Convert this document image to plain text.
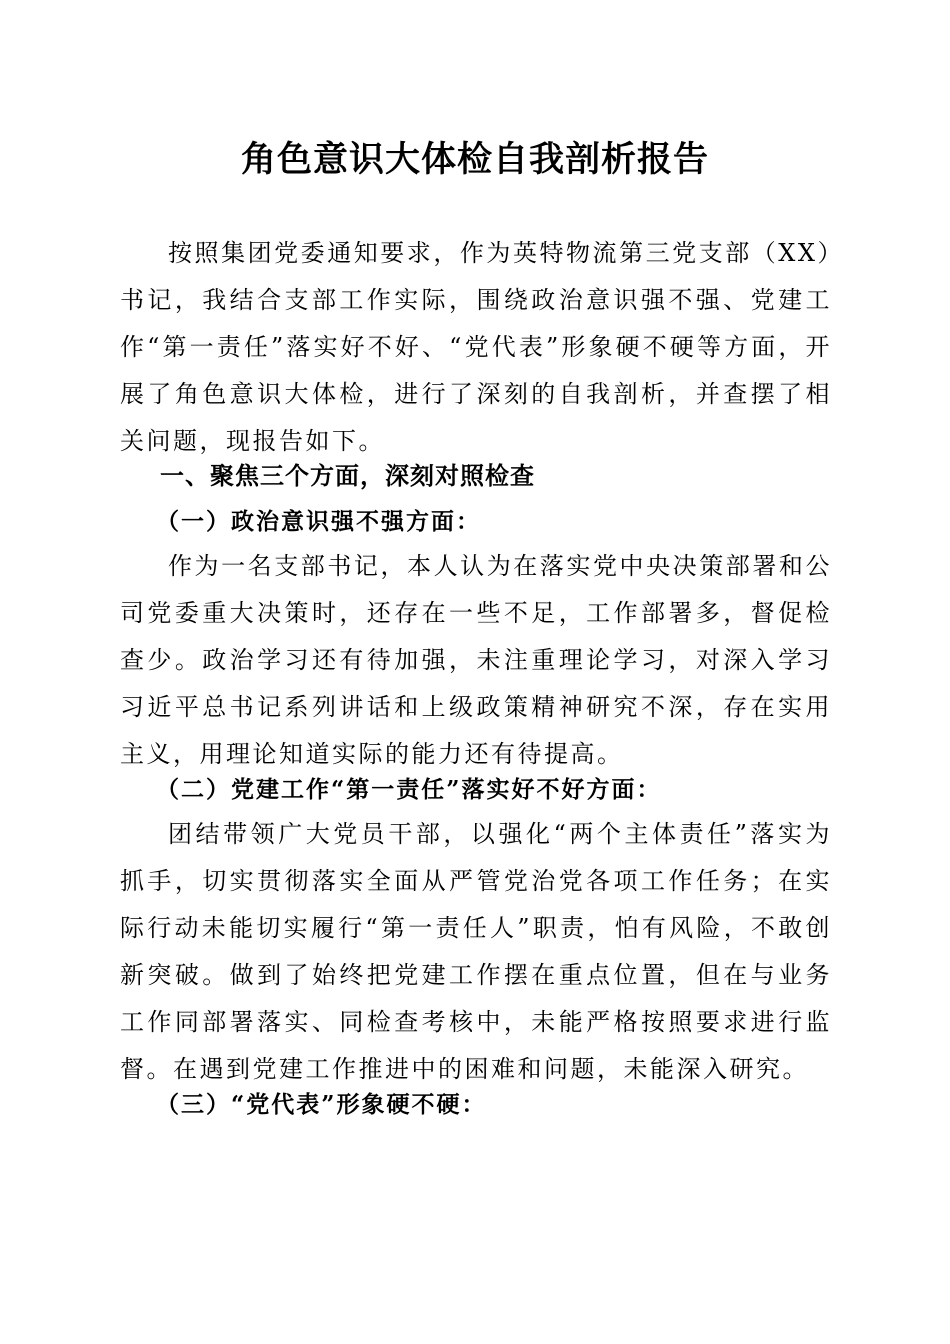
角色意识大体检自我剖析报告

按照集团党委通知要求，作为英特物流第三党支部（XX）书记，我结合支部工作实际，围绕政治意识强不强、党建工作“第一责任”落实好不好、“党代表”形象硬不硬等方面，开展了角色意识大体检，进行了深刻的自我剖析，并查摆了相关问题，现报告如下。

一、聚焦三个方面，深刻对照检查
（一）政治意识强不强方面：

作为一名支部书记，本人认为在落实党中央决策部署和公司党委重大决策时，还存在一些不足，工作部署多，督促检查少。政治学习还有待加强，未注重理论学习，对深入学习习近平总书记系列讲话和上级政策精神研究不深，存在实用主义，用理论知道实际的能力还有待提高。

（二）党建工作“第一责任”落实好不好方面：

团结带领广大党员干部，以强化“两个主体责任”落实为抓手，切实贯彻落实全面从严管党治党各项工作任务；在实际行动未能切实履行“第一责任人”职责，怕有风险，不敢创新突破。做到了始终把党建工作摆在重点位置，但在与业务工作同部署落实、同检查考核中，未能严格按照要求进行监督。在遇到党建工作推进中的困难和问题，未能深入研究。

（三）“党代表”形象硬不硬：
